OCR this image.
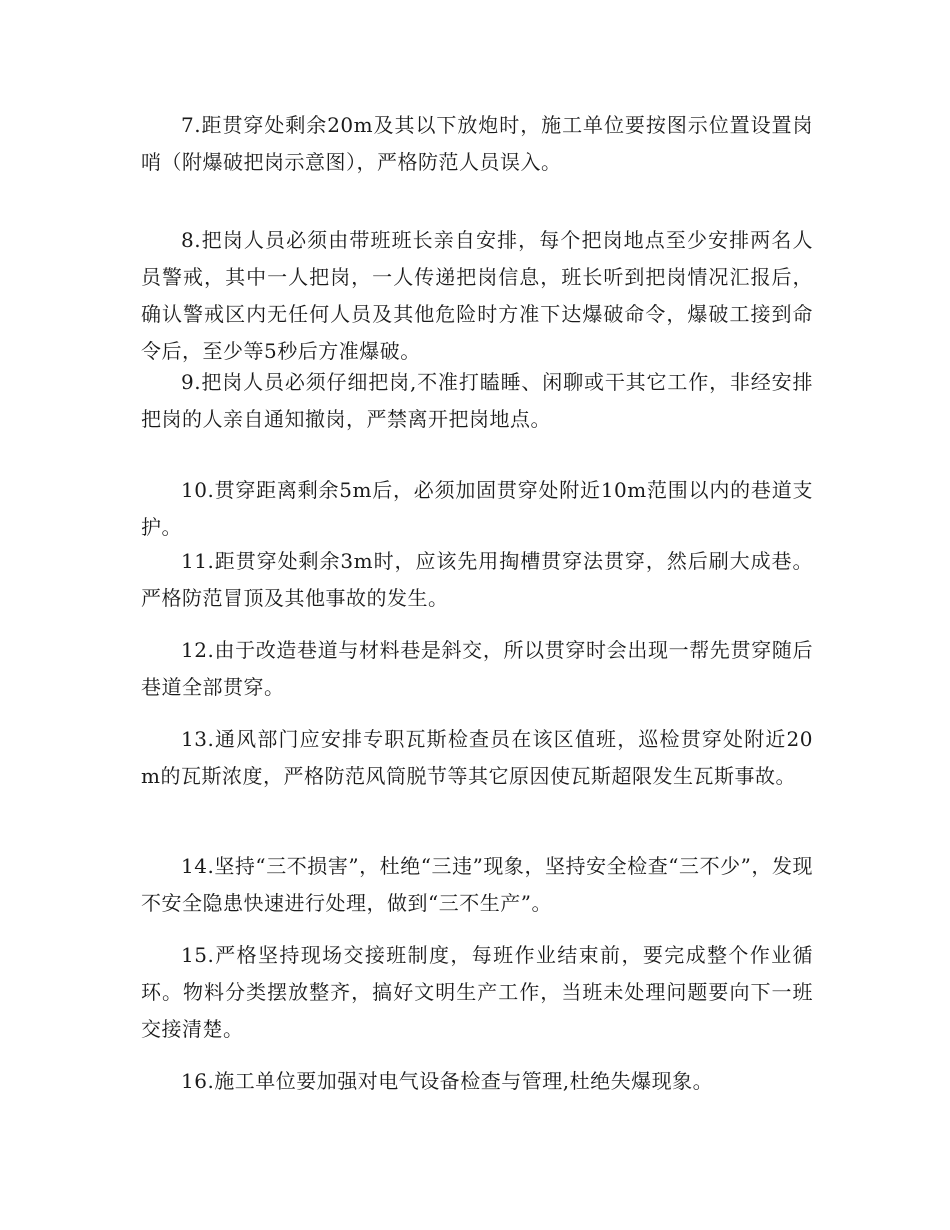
7.距贯穿处剩余20m及其以下放炮时，施工单位要按图示位置设置岗哨（附爆破把岗示意图），严格防范人员误入。

8.把岗人员必须由带班班长亲自安排，每个把岗地点至少安排两名人员警戒，其中一人把岗，一人传递把岗信息，班长听到把岗情况汇报后，确认警戒区内无任何人员及其他危险时方准下达爆破命令，爆破工接到命令后，至少等5秒后方准爆破。

9.把岗人员必须仔细把岗,不准打瞌睡、闲聊或干其它工作，非经安排把岗的人亲自通知撤岗，严禁离开把岗地点。

10.贯穿距离剩余5m后，必须加固贯穿处附近10m范围以内的巷道支护。

11.距贯穿处剩余3m时，应该先用掏槽贯穿法贯穿，然后刷大成巷。严格防范冒顶及其他事故的发生。

12.由于改造巷道与材料巷是斜交，所以贯穿时会出现一帮先贯穿随后巷道全部贯穿。

13.通风部门应安排专职瓦斯检查员在该区值班，巡检贯穿处附近20m的瓦斯浓度，严格防范风筒脱节等其它原因使瓦斯超限发生瓦斯事故。

14.坚持“三不损害”，杜绝“三违”现象，坚持安全检查“三不少”，发现不安全隐患快速进行处理，做到“三不生产”。

15.严格坚持现场交接班制度，每班作业结束前，要完成整个作业循环。物料分类摆放整齐，搞好文明生产工作，当班未处理问题要向下一班交接清楚。

16.施工单位要加强对电气设备检查与管理,杜绝失爆现象。
